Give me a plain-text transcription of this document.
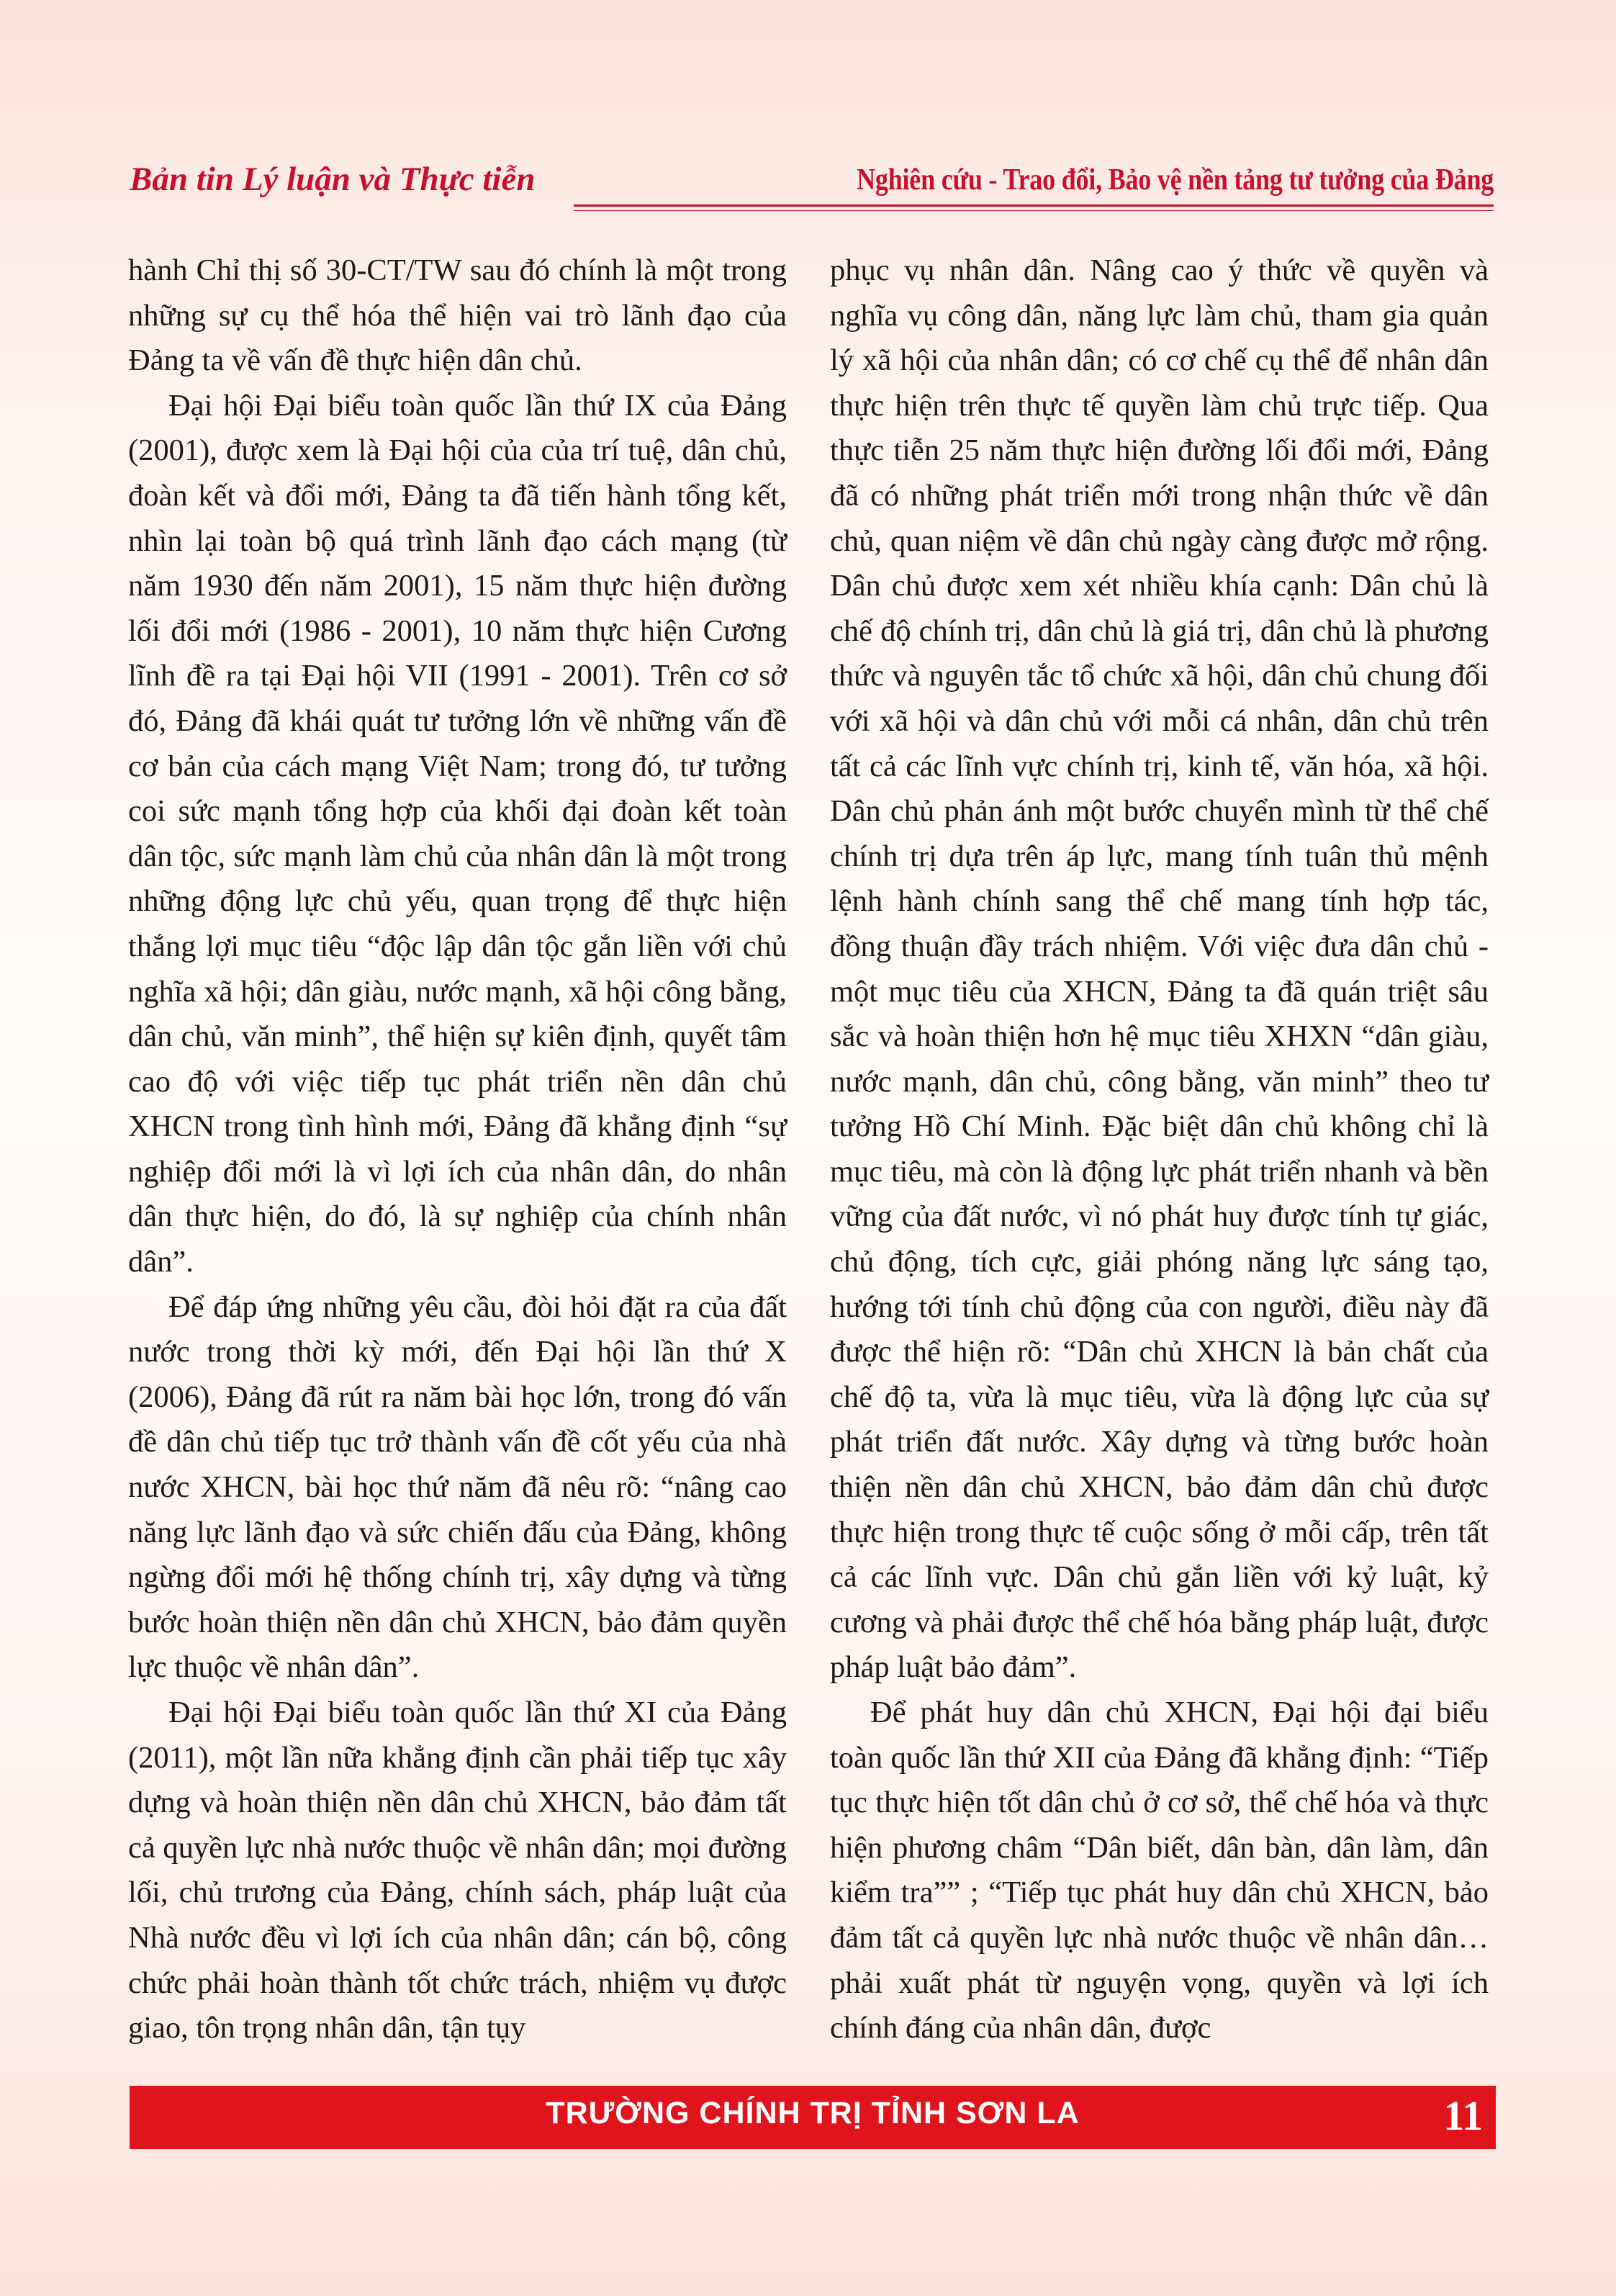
Bản tin Lý luận và Thực tiễn	Nghiên cứu - Trao đổi, Bảo vệ nền tảng tư tưởng của Đảng

hành Chỉ thị số 30-CT/TW sau đó chính là một trong những sự cụ thể hóa thể hiện vai trò lãnh đạo của Đảng ta về vấn đề thực hiện dân chủ.

Đại hội Đại biểu toàn quốc lần thứ IX của Đảng (2001), được xem là Đại hội của của trí tuệ, dân chủ, đoàn kết và đổi mới, Đảng ta đã tiến hành tổng kết, nhìn lại toàn bộ quá trình lãnh đạo cách mạng (từ năm 1930 đến năm 2001), 15 năm thực hiện đường lối đổi mới (1986 - 2001), 10 năm thực hiện Cương lĩnh đề ra tại Đại hội VII (1991 - 2001). Trên cơ sở đó, Đảng đã khái quát tư tưởng lớn về những vấn đề cơ bản của cách mạng Việt Nam; trong đó, tư tưởng coi sức mạnh tổng hợp của khối đại đoàn kết toàn dân tộc, sức mạnh làm chủ của nhân dân là một trong những động lực chủ yếu, quan trọng để thực hiện thắng lợi mục tiêu “độc lập dân tộc gắn liền với chủ nghĩa xã hội; dân giàu, nước mạnh, xã hội công bằng, dân chủ, văn minh”, thể hiện sự kiên định, quyết tâm cao độ với việc tiếp tục phát triển nền dân chủ XHCN trong tình hình mới, Đảng đã khẳng định “sự nghiệp đổi mới là vì lợi ích của nhân dân, do nhân dân thực hiện, do đó, là sự nghiệp của chính nhân dân”.

Để đáp ứng những yêu cầu, đòi hỏi đặt ra của đất nước trong thời kỳ mới, đến Đại hội lần thứ X (2006), Đảng đã rút ra năm bài học lớn, trong đó vấn đề dân chủ tiếp tục trở thành vấn đề cốt yếu của nhà nước XHCN, bài học thứ năm đã nêu rõ: “nâng cao năng lực lãnh đạo và sức chiến đấu của Đảng, không ngừng đổi mới hệ thống chính trị, xây dựng và từng bước hoàn thiện nền dân chủ XHCN, bảo đảm quyền lực thuộc về nhân dân”.

Đại hội Đại biểu toàn quốc lần thứ XI của Đảng (2011), một lần nữa khẳng định cần phải tiếp tục xây dựng và hoàn thiện nền dân chủ XHCN, bảo đảm tất cả quyền lực nhà nước thuộc về nhân dân; mọi đường lối, chủ trương của Đảng, chính sách, pháp luật của Nhà nước đều vì lợi ích của nhân dân; cán bộ, công chức phải hoàn thành tốt chức trách, nhiệm vụ được giao, tôn trọng nhân dân, tận tụy

phục vụ nhân dân. Nâng cao ý thức về quyền và nghĩa vụ công dân, năng lực làm chủ, tham gia quản lý xã hội của nhân dân; có cơ chế cụ thể để nhân dân thực hiện trên thực tế quyền làm chủ trực tiếp. Qua thực tiễn 25 năm thực hiện đường lối đổi mới, Đảng đã có những phát triển mới trong nhận thức về dân chủ, quan niệm về dân chủ ngày càng được mở rộng. Dân chủ được xem xét nhiều khía cạnh: Dân chủ là chế độ chính trị, dân chủ là giá trị, dân chủ là phương thức và nguyên tắc tổ chức xã hội, dân chủ chung đối với xã hội và dân chủ với mỗi cá nhân, dân chủ trên tất cả các lĩnh vực chính trị, kinh tế, văn hóa, xã hội. Dân chủ phản ánh một bước chuyển mình từ thể chế chính trị dựa trên áp lực, mang tính tuân thủ mệnh lệnh hành chính sang thể chế mang tính hợp tác, đồng thuận đầy trách nhiệm. Với việc đưa dân chủ - một mục tiêu của XHCN, Đảng ta đã quán triệt sâu sắc và hoàn thiện hơn hệ mục tiêu XHXN “dân giàu, nước mạnh, dân chủ, công bằng, văn minh” theo tư tưởng Hồ Chí Minh. Đặc biệt dân chủ không chỉ là mục tiêu, mà còn là động lực phát triển nhanh và bền vững của đất nước, vì nó phát huy được tính tự giác, chủ động, tích cực, giải phóng năng lực sáng tạo, hướng tới tính chủ động của con người, điều này đã được thể hiện rõ: “Dân chủ XHCN là bản chất của chế độ ta, vừa là mục tiêu, vừa là động lực của sự phát triển đất nước. Xây dựng và từng bước hoàn thiện nền dân chủ XHCN, bảo đảm dân chủ được thực hiện trong thực tế cuộc sống ở mỗi cấp, trên tất cả các lĩnh vực. Dân chủ gắn liền với kỷ luật, kỷ cương và phải được thể chế hóa bằng pháp luật, được pháp luật bảo đảm”.

Để phát huy dân chủ XHCN, Đại hội đại biểu toàn quốc lần thứ XII của Đảng đã khẳng định: “Tiếp tục thực hiện tốt dân chủ ở cơ sở, thể chế hóa và thực hiện phương châm “Dân biết, dân bàn, dân làm, dân kiểm tra”” ; “Tiếp tục phát huy dân chủ XHCN, bảo đảm tất cả quyền lực nhà nước thuộc về nhân dân… phải xuất phát từ nguyện vọng, quyền và lợi ích chính đáng của nhân dân, được

TRƯỜNG CHÍNH TRỊ TỈNH SƠN LA	11
